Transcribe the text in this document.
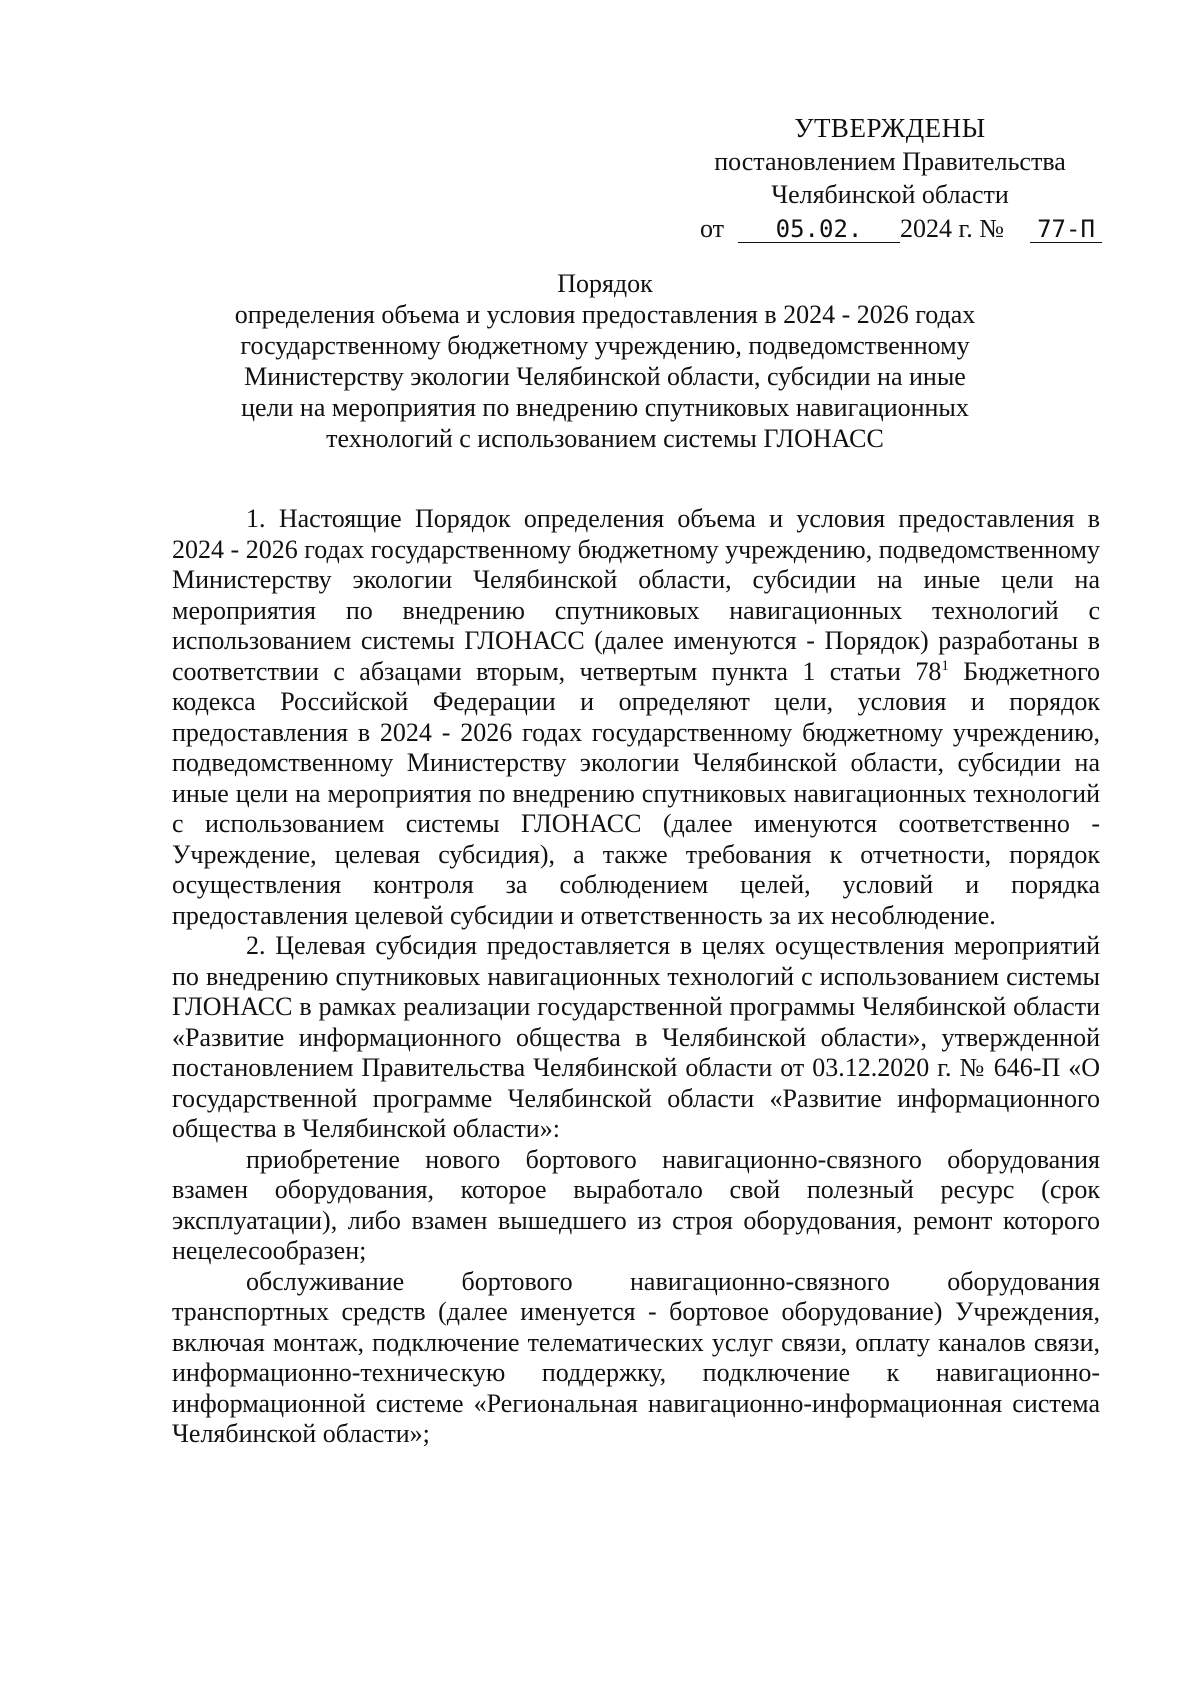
УТВЕРЖДЕНЫ
постановлением Правительства
Челябинской области
от	05.02.	2024 г. № 77-П
Порядок
определения объема и условия предоставления в 2024 - 2026 годах
государственному бюджетному учреждению, подведомственному
Министерству экологии Челябинской области, субсидии на иные
цели на мероприятия по внедрению спутниковых навигационных
технологий с использованием системы ГЛОНАСС

1. Настоящие Порядок определения объема и условия предоставления в 2024 - 2026 годах государственному бюджетному учреждению, подведомственному Министерству экологии Челябинской области, субсидии на иные цели на мероприятия по внедрению спутниковых навигационных технологий с использованием системы ГЛОНАСС (далее именуются - Порядок) разработаны в соответствии с абзацами вторым, четвертым пункта 1 статьи $78^1$ Бюджетного кодекса Российской Федерации и определяют цели, условия и порядок предоставления в 2024 - 2026 годах государственному бюджетному учреждению, подведомственному Министерству экологии Челябинской области, субсидии на иные цели на мероприятия по внедрению спутниковых навигационных технологий с использованием системы ГЛОНАСС (далее именуются соответственно - Учреждение, целевая субсидия), а также требования к отчетности, порядок осуществления контроля за соблюдением целей, условий и порядка предоставления целевой субсидии и ответственность за их несоблюдение.

2. Целевая субсидия предоставляется в целях осуществления мероприятий по внедрению спутниковых навигационных технологий с использованием системы ГЛОНАСС в рамках реализации государственной программы Челябинской области «Развитие информационного общества в Челябинской области», утвержденной постановлением Правительства Челябинской области от 03.12.2020 г. № 646-П «О государственной программе Челябинской области «Развитие информационного общества в Челябинской области»:

приобретение нового бортового навигационно-связного оборудования взамен оборудования, которое выработало свой полезный ресурс (срок эксплуатации), либо взамен вышедшего из строя оборудования, ремонт которого нецелесообразен;

обслуживание бортового навигационно-связного оборудования транспортных средств (далее именуется - бортовое оборудование) Учреждения, включая монтаж, подключение телематических услуг связи, оплату каналов связи, информационно-техническую поддержку, подключение к навигационно-информационной системе «Региональная навигационно-информационная система Челябинской области»;
